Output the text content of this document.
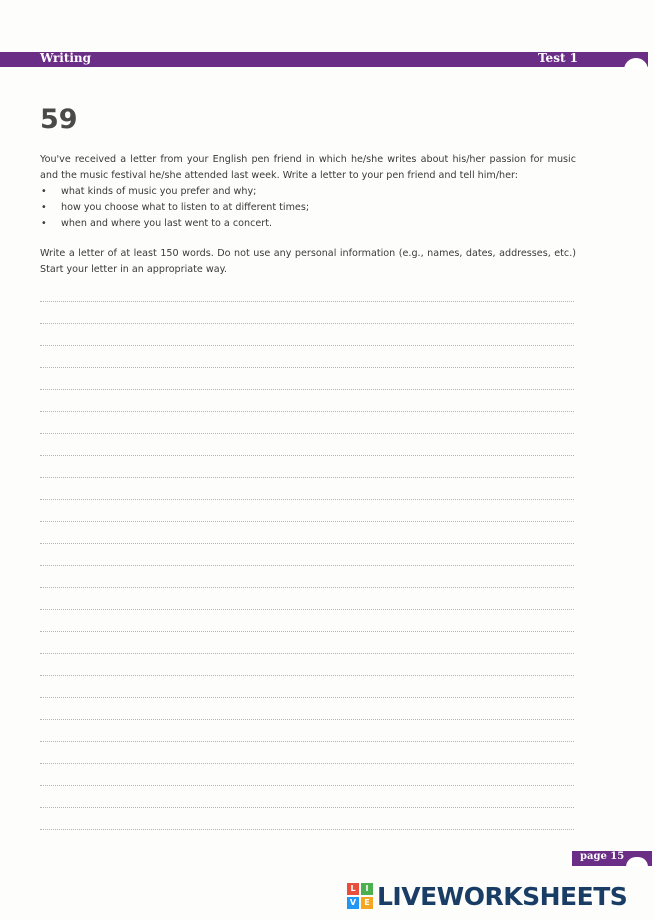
Writing	Test 1
59
You've received a letter from your English pen friend in which he/she writes about his/her passion for music and the music festival he/she attended last week. Write a letter to your pen friend and tell him/her:
• what kinds of music you prefer and why;
• how you choose what to listen to at different times;
• when and where you last went to a concert.
Write a letter of at least 150 words. Do not use any personal information (e.g., names, dates, addresses, etc.) Start your letter in an appropriate way.
page 15
L	I
V	E LIVEWORKSHEETS
